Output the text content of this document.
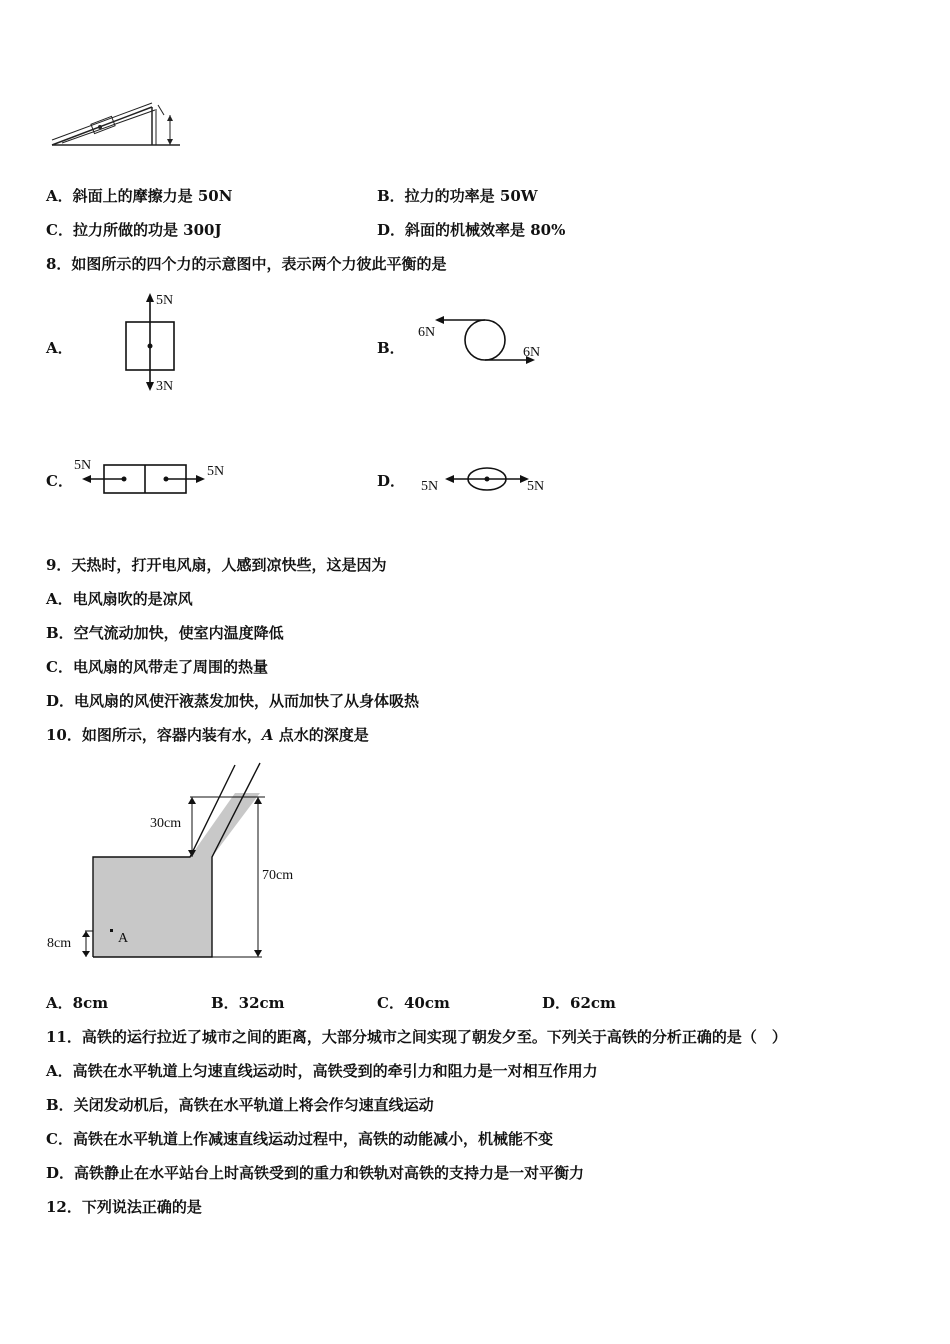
A．斜面上的摩擦力是 50N	B．拉力的功率是 50W
C．拉力所做的功是 300J	D．斜面的机械效率是 80%
8．如图所示的四个力的示意图中，表示两个力彼此平衡的是
A．
5N
3N
B．
6N
6N
C．
5N	5N
D． 5N	5N
9．天热时，打开电风扇，人感到凉快些，这是因为
A．电风扇吹的是凉风
B．空气流动加快，使室内温度降低
C．电风扇的风带走了周围的热量
D．电风扇的风使汗液蒸发加快，从而加快了从身体吸热
10．如图所示，容器内装有水，A 点水的深度是
30cm
70cm
8cm	A
A．8cm	B．32cm	C．40cm	D．62cm
11．高铁的运行拉近了城市之间的距离，大部分城市之间实现了朝发夕至。下列关于高铁的分析正确的是（　）
A．高铁在水平轨道上匀速直线运动时，高铁受到的牵引力和阻力是一对相互作用力
B．关闭发动机后，高铁在水平轨道上将会作匀速直线运动
C．高铁在水平轨道上作减速直线运动过程中，高铁的动能减小，机械能不变
D．高铁静止在水平站台上时高铁受到的重力和铁轨对高铁的支持力是一对平衡力
12．下列说法正确的是
